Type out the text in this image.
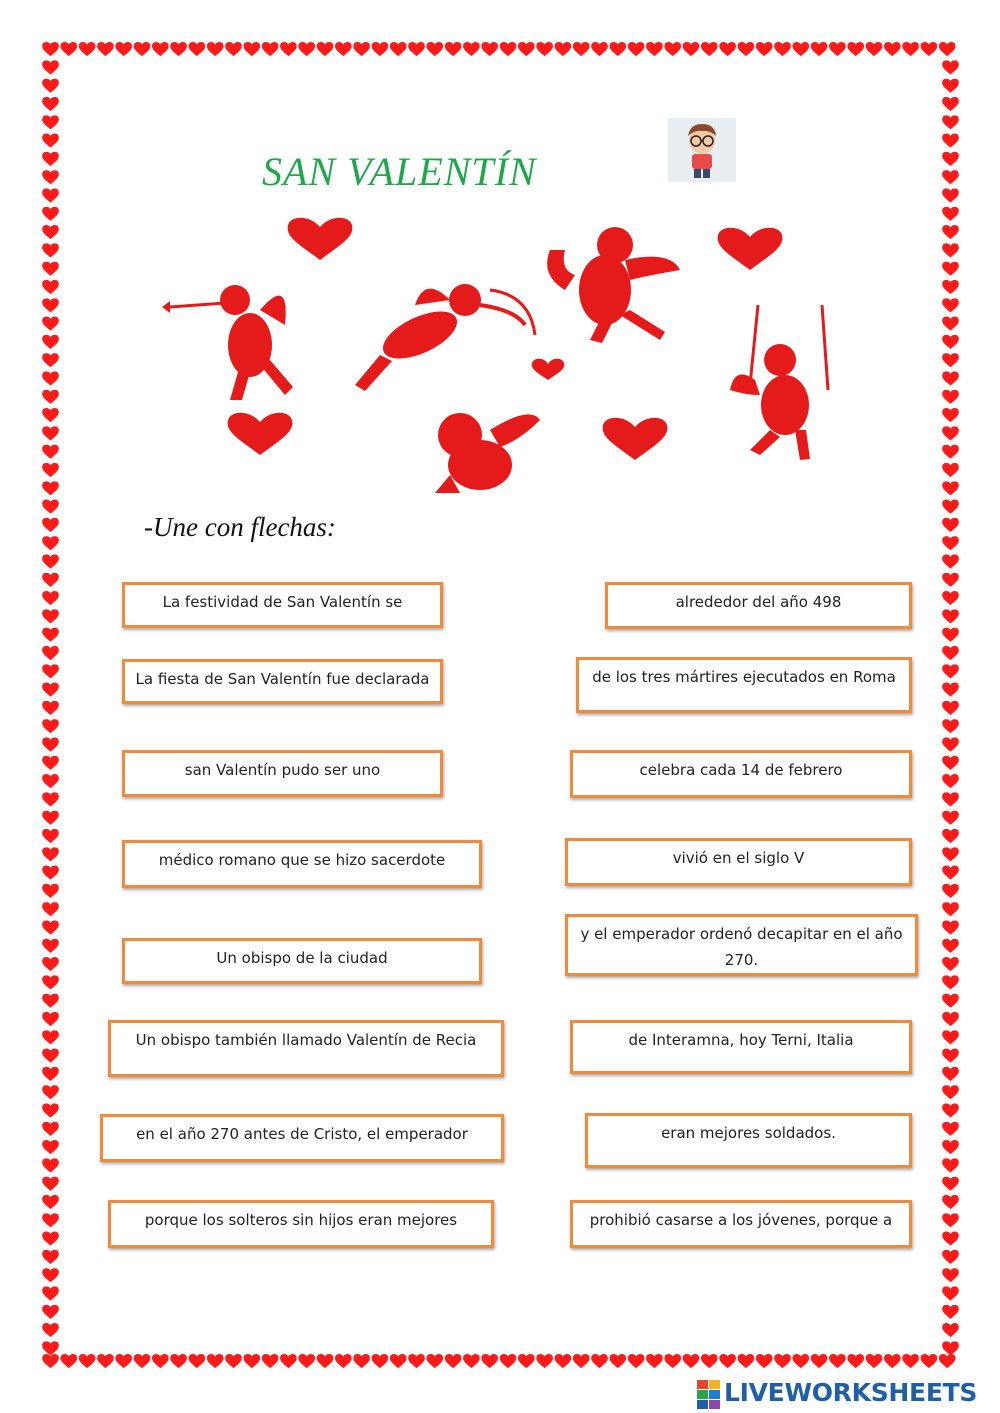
SAN VALENTÍN
-Une con flechas:
La festividad de San Valentín se
La fiesta de San Valentín fue declarada
san Valentín pudo ser uno
médico romano que se hizo sacerdote
Un obispo de la ciudad
Un obispo también llamado Valentín de Recia
en el año 270 antes de Cristo, el emperador
porque los solteros sin hijos eran mejores
alrededor del año 498
de los tres mártires ejecutados en Roma
celebra cada 14 de febrero
vivió en el siglo V
y el emperador ordenó decapitar en el año 270.
de Interamna, hoy Terni, Italia
eran mejores soldados.
prohibió casarse a los jóvenes, porque a
LIVEWORKSHEETS
